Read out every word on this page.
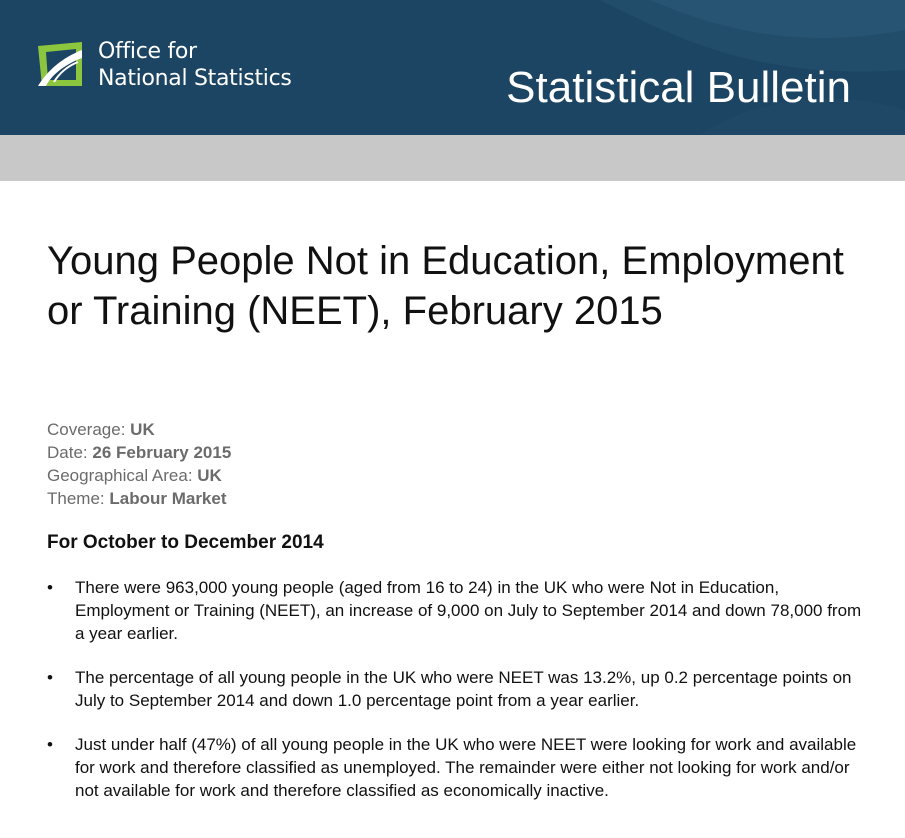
Office for
National Statistics	Statistical Bulletin
Young People Not in Education, Employment or Training (NEET), February 2015
Coverage: UK
Date: 26 February 2015
Geographical Area: UK
Theme: Labour Market
For October to December 2014
• There were 963,000 young people (aged from 16 to 24) in the UK who were Not in Education, Employment or Training (NEET), an increase of 9,000 on July to September 2014 and down 78,000 from a year earlier.
• The percentage of all young people in the UK who were NEET was 13.2%, up 0.2 percentage points on July to September 2014 and down 1.0 percentage point from a year earlier.
• Just under half (47%) of all young people in the UK who were NEET were looking for work and available for work and therefore classified as unemployed. The remainder were either not looking for work and/or not available for work and therefore classified as economically inactive.
